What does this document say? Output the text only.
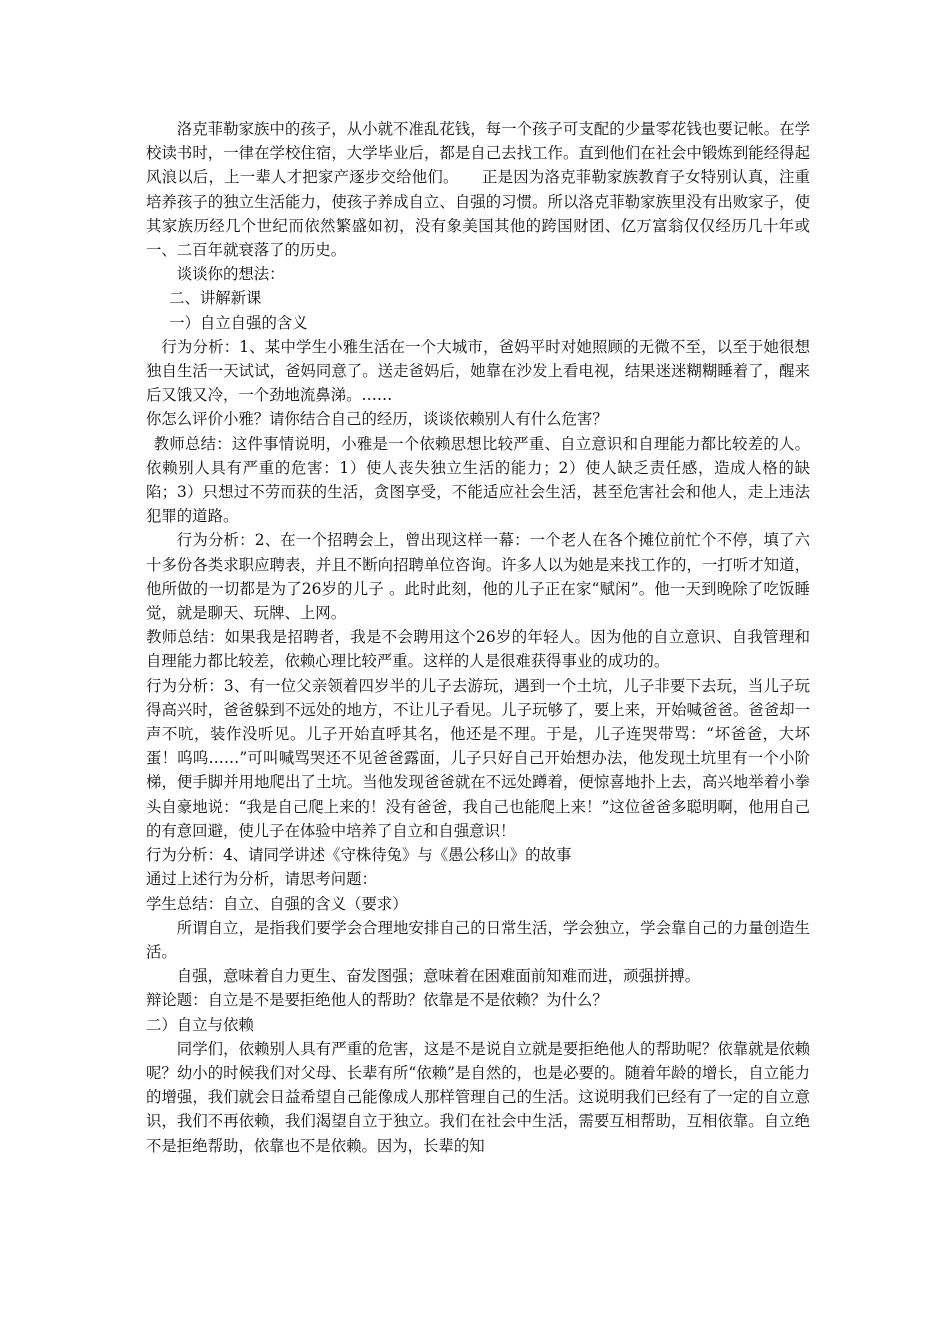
洛克菲勒家族中的孩子，从小就不准乱花钱，每一个孩子可支配的少量零花钱也要记帐。在学校读书时，一律在学校住宿，大学毕业后，都是自己去找工作。直到他们在社会中锻炼到能经得起风浪以后，上一辈人才把家产逐步交给他们。 正是因为洛克菲勒家族教育子女特别认真，注重培养孩子的独立生活能力，使孩子养成自立、自强的习惯。所以洛克菲勒家族里没有出败家子，使其家族历经几个世纪而依然繁盛如初，没有象美国其他的跨国财团、亿万富翁仅仅经历几十年或一、二百年就衰落了的历史。

谈谈你的想法：

二、讲解新课

一）自立自强的含义

行为分析：1、某中学生小雅生活在一个大城市，爸妈平时对她照顾的无微不至，以至于她很想独自生活一天试试，爸妈同意了。送走爸妈后，她靠在沙发上看电视，结果迷迷糊糊睡着了，醒来后又饿又冷，一个劲地流鼻涕。……

你怎么评价小雅？请你结合自己的经历，谈谈依赖别人有什么危害？

教师总结：这件事情说明，小雅是一个依赖思想比较严重、自立意识和自理能力都比较差的人。依赖别人具有严重的危害：1）使人丧失独立生活的能力；2）使人缺乏责任感，造成人格的缺陷；3）只想过不劳而获的生活，贪图享受，不能适应社会生活，甚至危害社会和他人，走上违法犯罪的道路。

行为分析：2、在一个招聘会上，曾出现这样一幕：一个老人在各个摊位前忙个不停，填了六十多份各类求职应聘表，并且不断向招聘单位咨询。许多人以为她是来找工作的，一打听才知道，他所做的一切都是为了26岁的儿子 。此时此刻，他的儿子正在家“赋闲”。他一天到晚除了吃饭睡觉，就是聊天、玩牌、上网。

教师总结：如果我是招聘者，我是不会聘用这个26岁的年轻人。因为他的自立意识、自我管理和自理能力都比较差，依赖心理比较严重。这样的人是很难获得事业的成功的。

行为分析：3、有一位父亲领着四岁半的儿子去游玩，遇到一个土坑，儿子非要下去玩，当儿子玩得高兴时，爸爸躲到不远处的地方，不让儿子看见。儿子玩够了，要上来，开始喊爸爸。爸爸却一声不吭，装作没听见。儿子开始直呼其名，他还是不理。于是，儿子连哭带骂：“坏爸爸，大坏蛋！呜呜……”可叫喊骂哭还不见爸爸露面，儿子只好自己开始想办法，他发现土坑里有一个小阶梯，便手脚并用地爬出了土坑。当他发现爸爸就在不远处蹲着，便惊喜地扑上去，高兴地举着小拳头自豪地说：“我是自己爬上来的！没有爸爸，我自己也能爬上来！”这位爸爸多聪明啊，他用自己的有意回避，使儿子在体验中培养了自立和自强意识！

行为分析：4、请同学讲述《守株待兔》与《愚公移山》的故事

通过上述行为分析，请思考问题：

学生总结：自立、自强的含义（要求）

所谓自立，是指我们要学会合理地安排自己的日常生活，学会独立，学会靠自己的力量创造生活。

自强，意味着自力更生、奋发图强；意味着在困难面前知难而进，顽强拼搏。

辩论题：自立是不是要拒绝他人的帮助？依靠是不是依赖？为什么？

二）自立与依赖

同学们，依赖别人具有严重的危害，这是不是说自立就是要拒绝他人的帮助呢？依靠就是依赖呢？幼小的时候我们对父母、长辈有所“依赖”是自然的，也是必要的。随着年龄的增长，自立能力的增强，我们就会日益希望自己能像成人那样管理自己的生活。这说明我们已经有了一定的自立意识，我们不再依赖，我们渴望自立于独立。我们在社会中生活，需要互相帮助，互相依靠。自立绝不是拒绝帮助，依靠也不是依赖。因为，长辈的知
